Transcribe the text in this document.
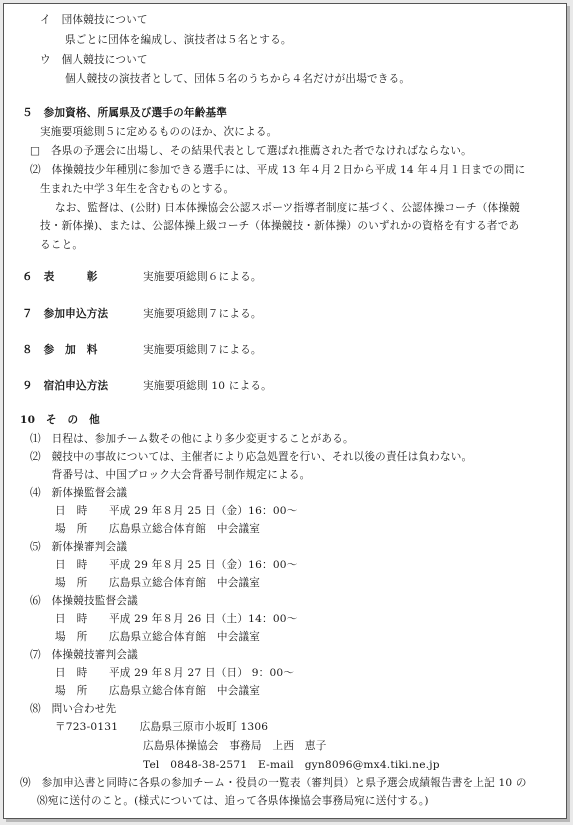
イ　団体競技について
県ごとに団体を編成し、演技者は５名とする。
ウ　個人競技について
個人競技の演技者として、団体５名のうちから４名だけが出場できる。
５　参加資格、所属県及び選手の年齢基準
実施要項総則５に定めるもののほか、次による。
□　各県の予選会に出場し、その結果代表として選ばれ推薦された者でなければならない。
⑵　体操競技少年種別に参加できる選手には、平成 13 年４月２日から平成 14 年４月１日までの間に
生まれた中学３年生を含むものとする。
なお、監督は、(公財) 日本体操協会公認スポーツ指導者制度に基づく、公認体操コーチ（体操競
技・新体操)、または、公認体操上級コーチ（体操競技・新体操）のいずれかの資格を有する者であ
ること。
６　表　　　彰	実施要項総則６による。
７　参加申込方法	実施要項総則７による。
８　参　加　料	実施要項総則７による。
９　宿泊申込方法	実施要項総則 10 による。
10　そ　の　他
⑴　日程は、参加チーム数その他により多少変更することがある。
⑵　競技中の事故については、主催者により応急処置を行い、それ以後の責任は負わない。
　　背番号は、中国ブロック大会背番号制作規定による。
⑷　新体操監督会議
日　時　　平成 29 年８月 25 日（金）16：00～
場　所　　広島県立総合体育館　中会議室
⑸　新体操審判会議
日　時　　平成 29 年８月 25 日（金）16：00～
場　所　　広島県立総合体育館　中会議室
⑹　体操競技監督会議
日　時　　平成 29 年８月 26 日（土）14：00～
場　所　　広島県立総合体育館　中会議室
⑺　体操競技審判会議
日　時　　平成 29 年８月 27 日（日） 9：00～
場　所　　広島県立総合体育館　中会議室
⑻　問い合わせ先
〒723-0131　　広島県三原市小坂町 1306
広島県体操協会　事務局　上西　恵子
Tel　0848-38-2571　E-mail　gyn8096@mx4.tiki.ne.jp
⑼　参加申込書と同時に各県の参加チーム・役員の一覧表（審判員）と県予選会成績報告書を上記 10 の
⑻宛に送付のこと。(様式については、追って各県体操協会事務局宛に送付する。)
